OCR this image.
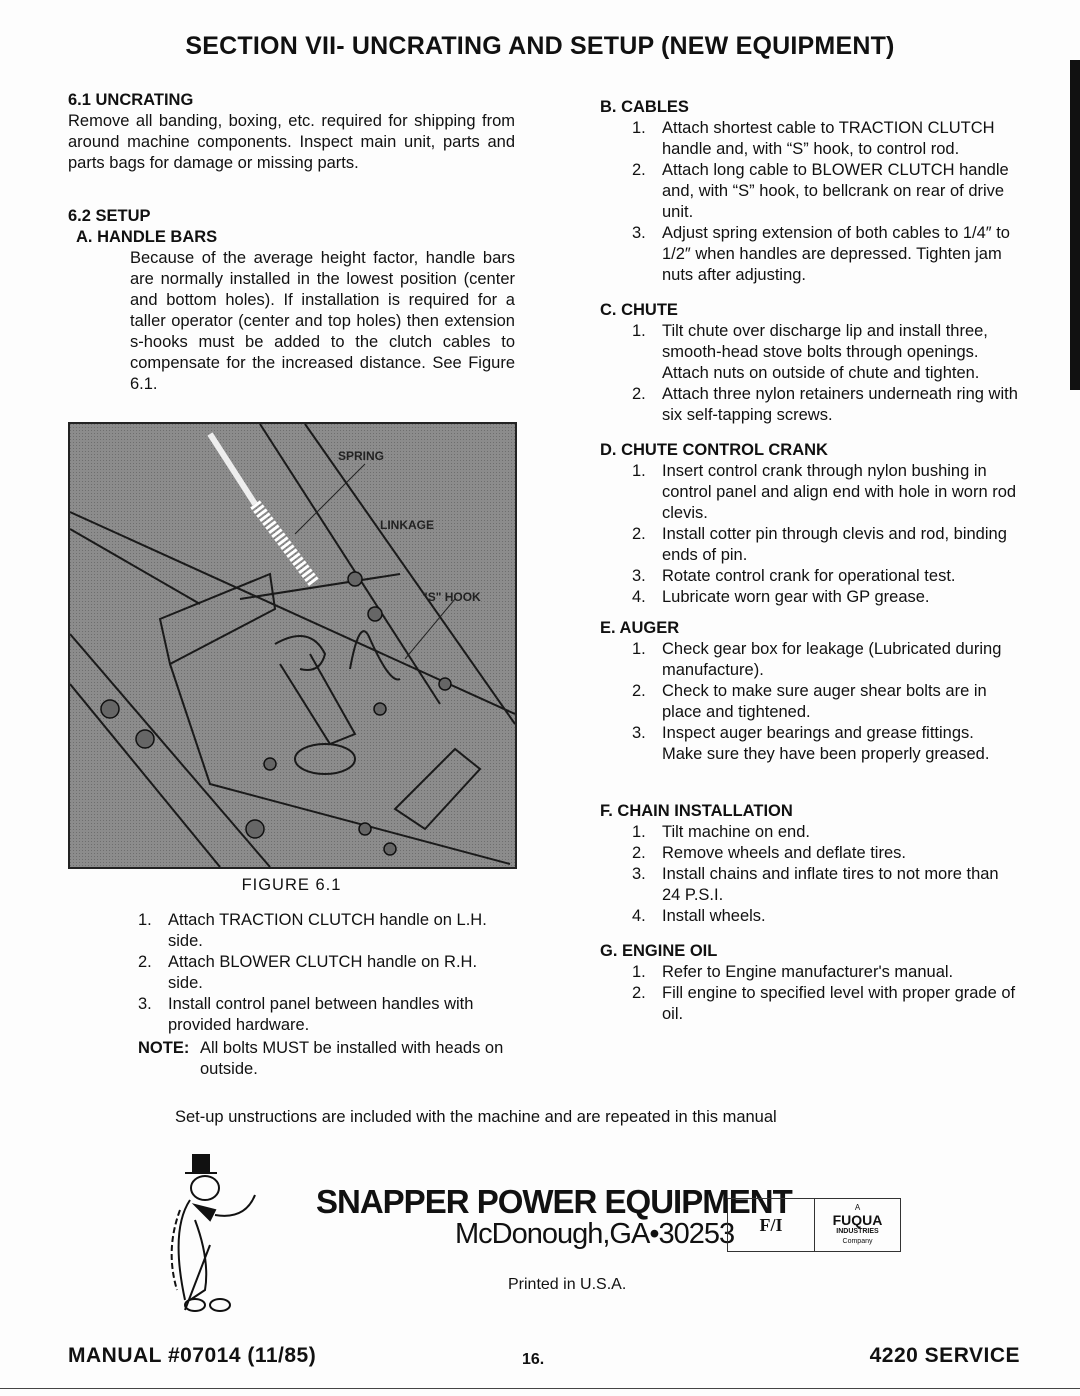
SECTION VII- UNCRATING AND SETUP (NEW EQUIPMENT)
6.1 UNCRATING
Remove all banding, boxing, etc. required for shipping from around machine components. Inspect main unit, parts and parts bags for damage or missing parts.
6.2 SETUP
A. HANDLE BARS
Because of the average height factor, handle bars are normally installed in the lowest position (center and bottom holes). If installation is required for a taller operator (center and top holes) then extension s-hooks must be added to the clutch cables to compensate for the increased distance. See Figure 6.1.
SPRING
LINKAGE
"S" HOOK
FIGURE 6.1
1. Attach TRACTION CLUTCH handle on L.H. side.
2. Attach BLOWER CLUTCH handle on R.H. side.
3. Install control panel between handles with provided hardware.
NOTE: All bolts MUST be installed with heads on outside.
B. CABLES
1. Attach shortest cable to TRACTION CLUTCH handle and, with “S” hook, to control rod.
2. Attach long cable to BLOWER CLUTCH handle and, with “S” hook, to bellcrank on rear of drive unit.
3. Adjust spring extension of both cables to 1/4″ to 1/2″ when handles are depressed. Tighten jam nuts after adjusting.
C. CHUTE
1. Tilt chute over discharge lip and install three, smooth-head stove bolts through openings. Attach nuts on outside of chute and tighten.
2. Attach three nylon retainers underneath ring with six self-tapping screws.
D. CHUTE CONTROL CRANK
1. Insert control crank through nylon bushing in control panel and align end with hole in worn rod clevis.
2. Install cotter pin through clevis and rod, binding ends of pin.
3. Rotate control crank for operational test.
4. Lubricate worn gear with GP grease.
E. AUGER
1. Check gear box for leakage (Lubricated during manufacture).
2. Check to make sure auger shear bolts are in place and tightened.
3. Inspect auger bearings and grease fittings. Make sure they have been properly greased.
F. CHAIN INSTALLATION
1. Tilt machine on end.
2. Remove wheels and deflate tires.
3. Install chains and inflate tires to not more than 24 P.S.I.
4. Install wheels.
G. ENGINE OIL
1. Refer to Engine manufacturer's manual.
2. Fill engine to specified level with proper grade of oil.
Set-up unstructions are included with the machine and are repeated in this manual
SNAPPER POWER EQUIPMENT
McDonough,GA•30253	F/I
A
FUQUA
INDUSTRIES
Company
Printed in U.S.A.
MANUAL #07014 (11/85)	16.	4220 SERVICE
